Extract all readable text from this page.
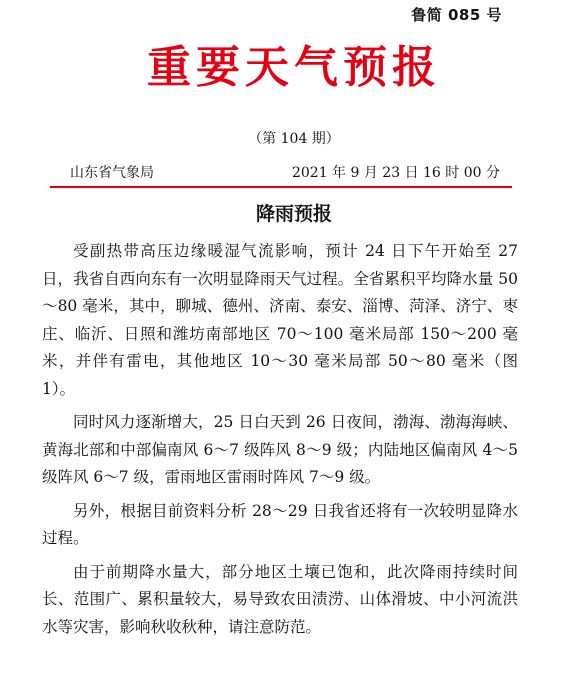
鲁简 085 号
重要天气预报
（第 104 期）
山东省气象局	2021 年 9 月 23 日 16 时 00 分
降雨预报

受副热带高压边缘暖湿气流影响，预计 24 日下午开始至 27 日，我省自西向东有一次明显降雨天气过程。全省累积平均降水量 50～80 毫米，其中，聊城、德州、济南、泰安、淄博、菏泽、济宁、枣庄、临沂、日照和潍坊南部地区 70～100 毫米局部 150～200 毫米，并伴有雷电，其他地区 10～30 毫米局部 50～80 毫米（图 1）。

同时风力逐渐增大，25 日白天到 26 日夜间，渤海、渤海海峡、黄海北部和中部偏南风 6～7 级阵风 8～9 级；内陆地区偏南风 4～5 级阵风 6～7 级，雷雨地区雷雨时阵风 7～9 级。

另外，根据目前资料分析 28～29 日我省还将有一次较明显降水过程。

由于前期降水量大，部分地区土壤已饱和，此次降雨持续时间长、范围广、累积量较大，易导致农田渍涝、山体滑坡、中小河流洪水等灾害，影响秋收秋种，请注意防范。
